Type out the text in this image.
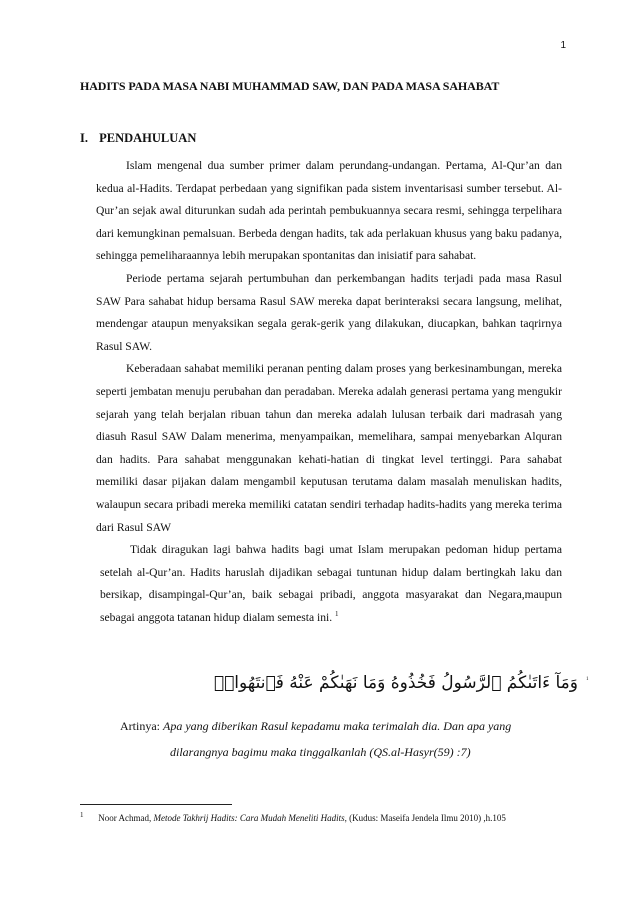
1
HADITS PADA MASA NABI MUHAMMAD SAW, DAN PADA MASA SAHABAT
I. PENDAHULUAN

Islam mengenal dua sumber primer dalam perundang-undangan. Pertama, Al-Qur’an dan kedua al-Hadits. Terdapat perbedaan yang signifikan pada sistem inventarisasi sumber tersebut. Al-Qur’an sejak awal diturunkan sudah ada perintah pembukuannya secara resmi, sehingga terpelihara dari kemungkinan pemalsuan. Berbeda dengan hadits, tak ada perlakuan khusus yang baku padanya, sehingga pemeliharaannya lebih merupakan spontanitas dan inisiatif para sahabat.

Periode pertama sejarah pertumbuhan dan perkembangan hadits terjadi pada masa Rasul SAW Para sahabat hidup bersama Rasul SAW mereka dapat berinteraksi secara langsung, melihat, mendengar ataupun menyaksikan segala gerak-gerik yang dilakukan, diucapkan, bahkan taqrirnya Rasul SAW.

Keberadaan sahabat memiliki peranan penting dalam proses yang berkesinambungan, mereka seperti jembatan menuju perubahan dan peradaban. Mereka adalah generasi pertama yang mengukir sejarah yang telah berjalan ribuan tahun dan mereka adalah lulusan terbaik dari madrasah yang diasuh Rasul SAW Dalam menerima, menyampaikan, memelihara, sampai menyebarkan Alquran dan hadits. Para sahabat menggunakan kehati-hatian di tingkat level tertinggi. Para sahabat memiliki dasar pijakan dalam mengambil keputusan terutama dalam masalah menuliskan hadits, walaupun secara pribadi mereka memiliki catatan sendiri terhadap hadits-hadits yang mereka terima dari Rasul SAW

Tidak diragukan lagi bahwa hadits bagi umat Islam merupakan pedoman hidup pertama setelah al-Qur’an. Hadits haruslah dijadikan sebagai tuntunan hidup dalam bertingkah laku dan bersikap, disampingal-Qur’an, baik sebagai pribadi, anggota masyarakat dan Negara,maupun sebagai anggota tatanan hidup dialam semesta ini. $^1$

وَمَآ ءَاتَىٰكُمُ ٱلرَّسُولُ فَخُذُوهُ وَمَا نَهَىٰكُمْ عَنْهُ فَٱنتَهُوا۟ۚ 1
Artinya: Apa yang diberikan Rasul kepadamu maka terimalah dia. Dan apa yang
dilarangnya bagimu maka tinggalkanlah (QS.al-Hasyr(59) :7)
1 Noor Achmad, Metode Takhrij Hadits: Cara Mudah Meneliti Hadits, (Kudus: Maseifa Jendela Ilmu 2010) ,h.105
